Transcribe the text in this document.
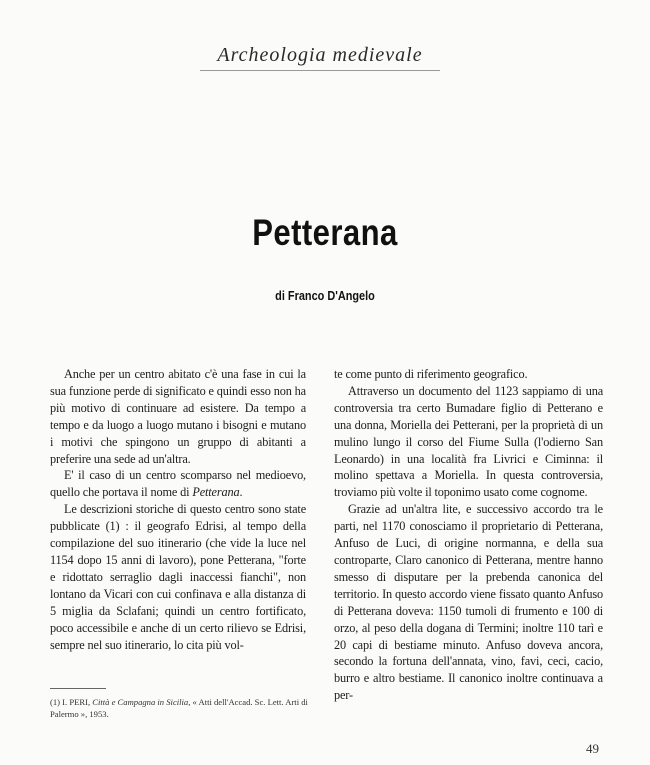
Archeologia medievale
Petterana
di Franco D'Angelo

Anche per un centro abitato c'è una fase in cui la sua funzione perde di significato e quindi esso non ha più motivo di continuare ad esistere. Da tempo a tempo e da luogo a luogo mutano i bisogni e mutano i motivi che spingono un gruppo di abitanti a preferire una sede ad un'altra.

E' il caso di un centro scomparso nel medioevo, quello che portava il nome di Petterana.

Le descrizioni storiche di questo centro sono state pubblicate (1) : il geografo Edrisi, al tempo della compilazione del suo itinerario (che vide la luce nel 1154 dopo 15 anni di lavoro), pone Petterana, "forte e ridottato serraglio dagli inaccessi fianchi", non lontano da Vicari con cui confinava e alla distanza di 5 miglia da Sclafani; quindi un centro fortificato, poco accessibile e anche di un certo rilievo se Edrisi, sempre nel suo itinerario, lo cita più vol-

te come punto di riferimento geografico.

Attraverso un documento del 1123 sappiamo di una controversia tra certo Bumadare figlio di Petterano e una donna, Moriella dei Petterani, per la proprietà di un mulino lungo il corso del Fiume Sulla (l'odierno San Leonardo) in una località fra Livrici e Ciminna: il molino spettava a Moriella. In questa controversia, troviamo più volte il toponimo usato come cognome.

Grazie ad un'altra lite, e successivo accordo tra le parti, nel 1170 conosciamo il proprietario di Petterana, Anfuso de Luci, di origine normanna, e della sua controparte, Claro canonico di Petterana, mentre hanno smesso di disputare per la prebenda canonica del territorio. In questo accordo viene fissato quanto Anfuso di Petterana doveva: 1150 tumoli di frumento e 100 di orzo, al peso della dogana di Termini; inoltre 110 tarì e 20 capi di bestiame minuto. Anfuso doveva ancora, secondo la fortuna dell'annata, vino, favi, ceci, cacio, burro e altro bestiame. Il canonico inoltre continuava a per-

(1) I. PERI, Città e Campagna in Sicilia, « Atti dell'Accad. Sc. Lett. Arti di Palermo », 1953.
49
